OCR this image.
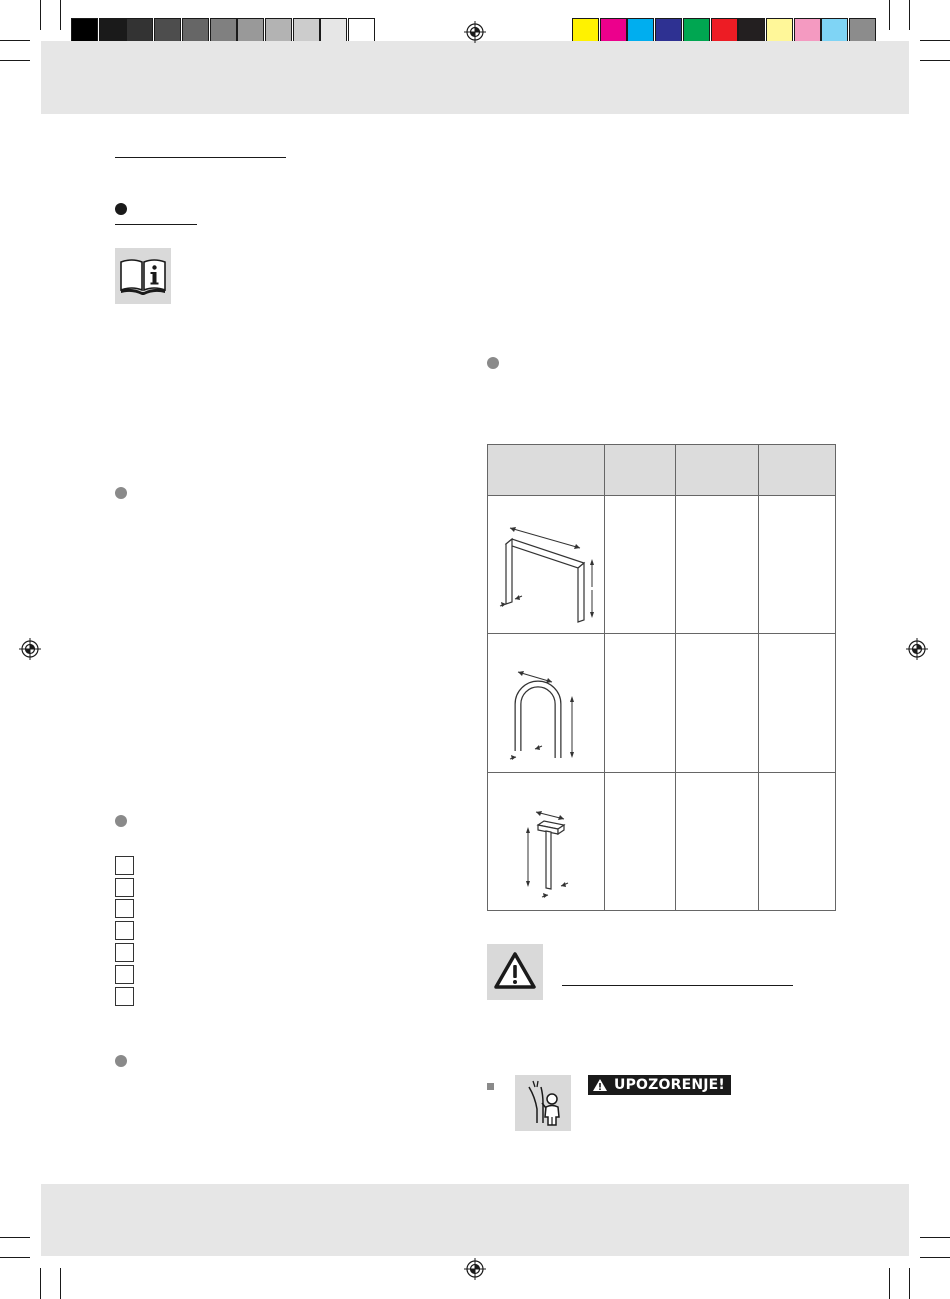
UPOZORENJE!
